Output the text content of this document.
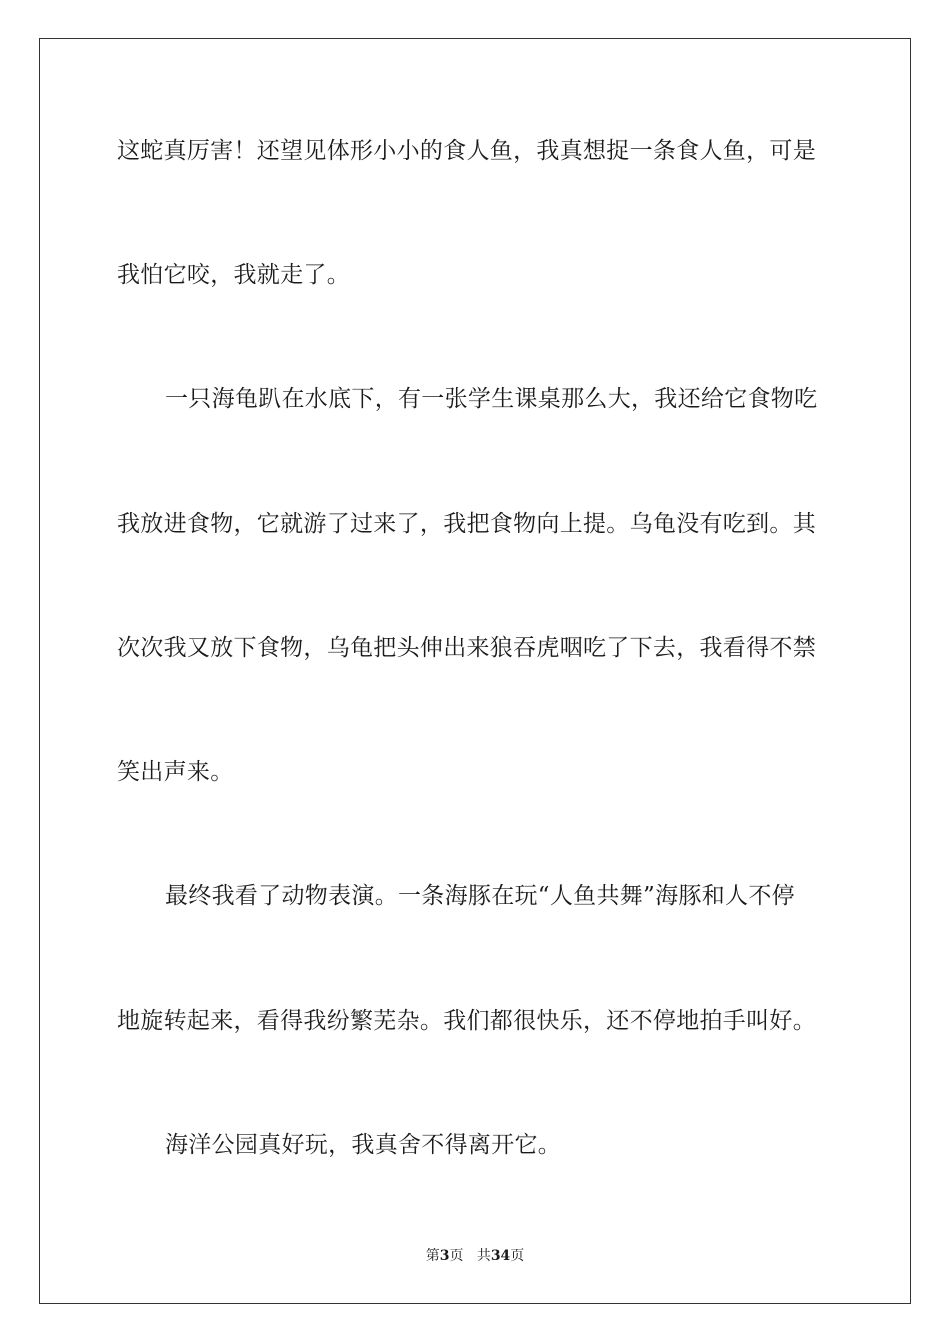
这蛇真厉害！还望见体形小小的食人鱼，我真想捉一条食人鱼，可是
我怕它咬，我就走了。
一只海龟趴在水底下，有一张学生课桌那么大，我还给它食物吃
我放进食物，它就游了过来了，我把食物向上提。乌龟没有吃到。其
次次我又放下食物，乌龟把头伸出来狼吞虎咽吃了下去，我看得不禁
笑出声来。
最终我看了动物表演。一条海豚在玩“人鱼共舞”海豚和人不停
地旋转起来，看得我纷繁芜杂。我们都很快乐，还不停地拍手叫好。
海洋公园真好玩，我真舍不得离开它。
第3页 共34页
